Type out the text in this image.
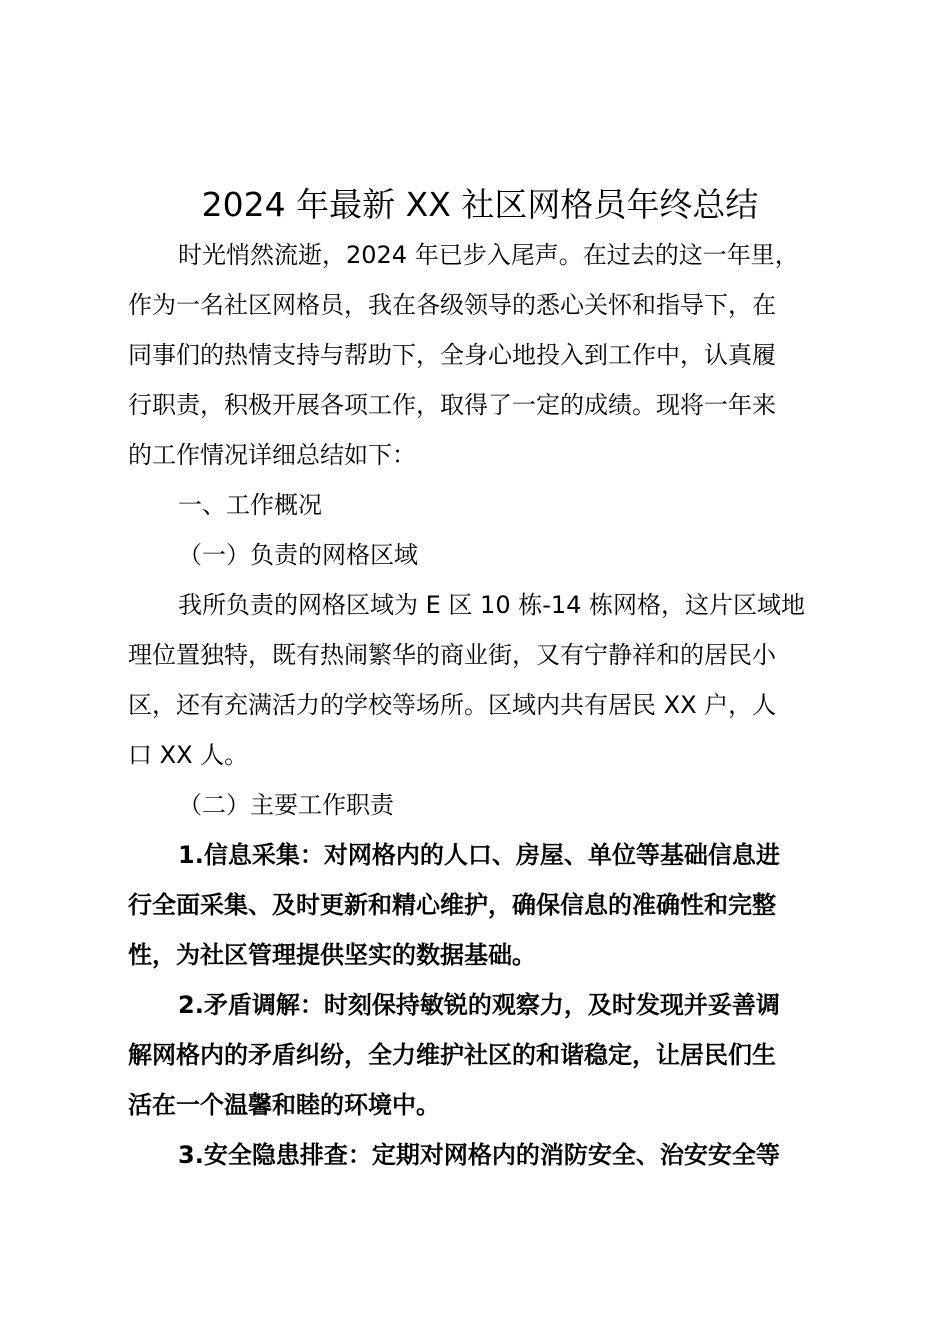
2024 年最新 XX 社区网格员年终总结

时光悄然流逝，2024 年已步入尾声。在过去的这一年里，

作为一名社区网格员，我在各级领导的悉心关怀和指导下，在

同事们的热情支持与帮助下，全身心地投入到工作中，认真履

行职责，积极开展各项工作，取得了一定的成绩。现将一年来

的工作情况详细总结如下：

一、工作概况

（一）负责的网格区域

我所负责的网格区域为 E 区 10 栋-14 栋网格，这片区域地

理位置独特，既有热闹繁华的商业街，又有宁静祥和的居民小

区，还有充满活力的学校等场所。区域内共有居民 XX 户，人

口 XX 人。

（二）主要工作职责

1.信息采集：对网格内的人口、房屋、单位等基础信息进

行全面采集、及时更新和精心维护，确保信息的准确性和完整

性，为社区管理提供坚实的数据基础。

2.矛盾调解：时刻保持敏锐的观察力，及时发现并妥善调

解网格内的矛盾纠纷，全力维护社区的和谐稳定，让居民们生

活在一个温馨和睦的环境中。

3.安全隐患排查：定期对网格内的消防安全、治安安全等
